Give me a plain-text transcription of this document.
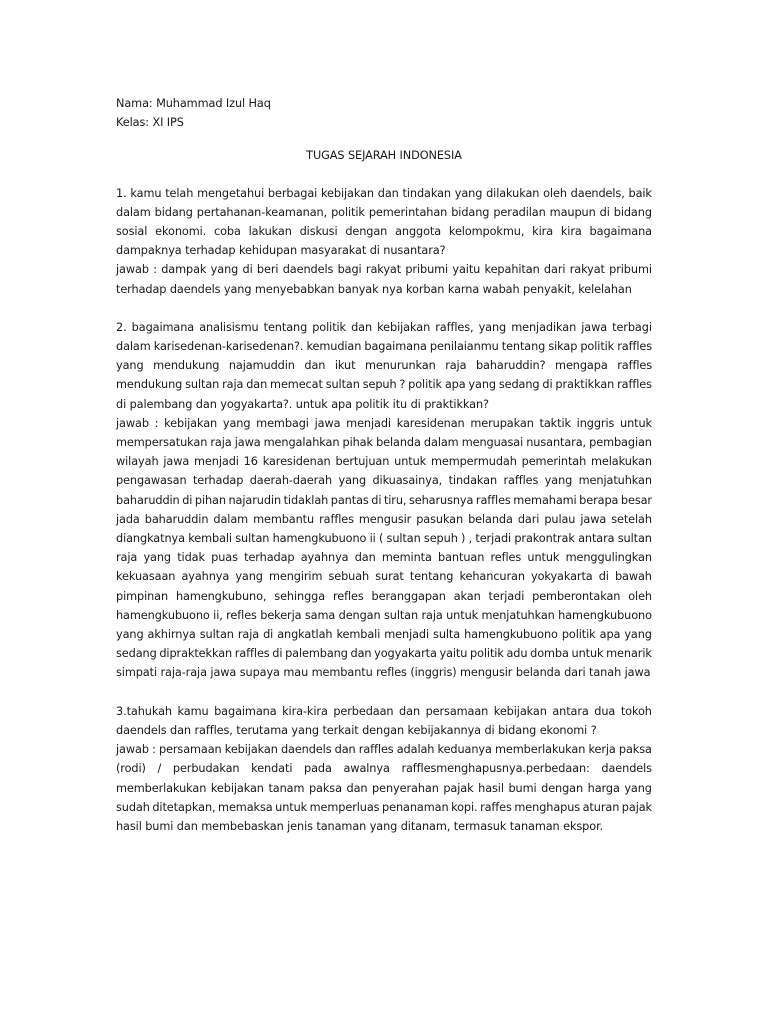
Nama: Muhammad Izul Haq
Kelas: XI IPS
TUGAS SEJARAH INDONESIA
1. kamu telah mengetahui berbagai kebijakan dan tindakan yang dilakukan oleh daendels, baik
dalam bidang pertahanan-keamanan, politik pemerintahan bidang peradilan maupun di bidang
sosial ekonomi. coba lakukan diskusi dengan anggota kelompokmu, kira kira bagaimana
dampaknya terhadap kehidupan masyarakat di nusantara?
jawab : dampak yang di beri daendels bagi rakyat pribumi yaitu kepahitan dari rakyat pribumi
terhadap daendels yang menyebabkan banyak nya korban karna wabah penyakit, kelelahan
2. bagaimana analisismu tentang politik dan kebijakan raffles, yang menjadikan jawa terbagi
dalam karisedenan-karisedenan?. kemudian bagaimana penilaianmu tentang sikap politik raffles
yang mendukung najamuddin dan ikut menurunkan raja baharuddin? mengapa raffles
mendukung sultan raja dan memecat sultan sepuh ? politik apa yang sedang di praktikkan raffles
di palembang dan yogyakarta?. untuk apa politik itu di praktikkan?
jawab : kebijakan yang membagi jawa menjadi karesidenan merupakan taktik inggris untuk
mempersatukan raja jawa mengalahkan pihak belanda dalam menguasai nusantara, pembagian
wilayah jawa menjadi 16 karesidenan bertujuan untuk mempermudah pemerintah melakukan
pengawasan terhadap daerah-daerah yang dikuasainya, tindakan raffles yang menjatuhkan
baharuddin di pihan najarudin tidaklah pantas di tiru, seharusnya raffles memahami berapa besar
jada baharuddin dalam membantu raffles mengusir pasukan belanda dari pulau jawa setelah
diangkatnya kembali sultan hamengkubuono ii ( sultan sepuh ) , terjadi prakontrak antara sultan
raja yang tidak puas terhadap ayahnya dan meminta bantuan refles untuk menggulingkan
kekuasaan ayahnya yang mengirim sebuah surat tentang kehancuran yokyakarta di bawah
pimpinan hamengkubuno, sehingga refles beranggapan akan terjadi pemberontakan oleh
hamengkubuono ii, refles bekerja sama dengan sultan raja untuk menjatuhkan hamengkubuono
yang akhirnya sultan raja di angkatlah kembali menjadi sulta hamengkubuono politik apa yang
sedang dipraktekkan raffles di palembang dan yogyakarta yaitu politik adu domba untuk menarik
simpati raja-raja jawa supaya mau membantu refles (inggris) mengusir belanda dari tanah jawa
3.tahukah kamu bagaimana kira-kira perbedaan dan persamaan kebijakan antara dua tokoh
daendels dan raffles, terutama yang terkait dengan kebijakannya di bidang ekonomi ?
jawab : persamaan kebijakan daendels dan raffles adalah keduanya memberlakukan kerja paksa
(rodi) / perbudakan kendati pada awalnya rafflesmenghapusnya.perbedaan: daendels
memberlakukan kebijakan tanam paksa dan penyerahan pajak hasil bumi dengan harga yang
sudah ditetapkan, memaksa untuk memperluas penanaman kopi. raffes menghapus aturan pajak
hasil bumi dan membebaskan jenis tanaman yang ditanam, termasuk tanaman ekspor.
